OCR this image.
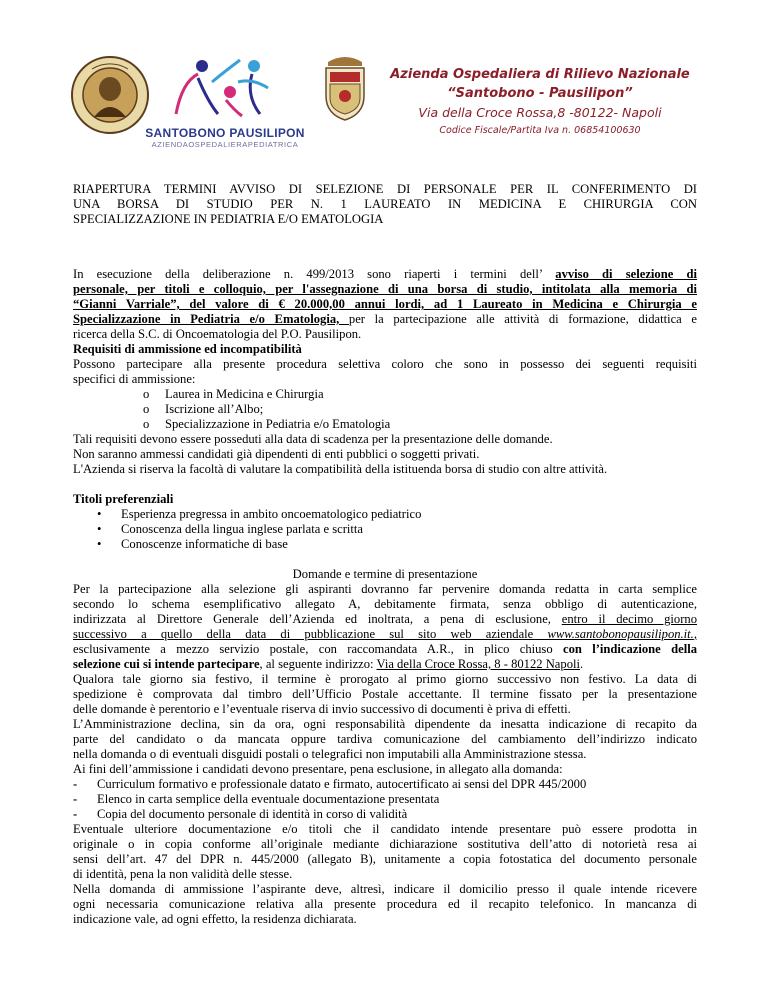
SANTOBONO PAUSILIPON
AZIENDAOSPEDALIERAPEDIATRICA
Azienda Ospedaliera di Rilievo Nazionale
“Santobono - Pausilipon”
Via della Croce Rossa,8 -80122- Napoli
Codice Fiscale/Partita Iva n. 06854100630
RIAPERTURA TERMINI AVVISO DI SELEZIONE DI PERSONALE PER IL CONFERIMENTO DI
UNA BORSA DI STUDIO PER N. 1 LAUREATO IN MEDICINA E CHIRURGIA CON
SPECIALIZZAZIONE IN PEDIATRIA E/O EMATOLOGIA
In esecuzione della deliberazione n. 499/2013 sono riaperti i termini dell’ avviso di selezione di
personale, per titoli e colloquio, per l'assegnazione di una borsa di studio, intitolata alla memoria di
“Gianni Varriale”, del valore di € 20.000,00 annui lordi, ad 1 Laureato in Medicina e Chirurgia e
Specializzazione in Pediatria e/o Ematologia, per la partecipazione alle attività di formazione, didattica e
ricerca della S.C. di Oncoematologia del P.O. Pausilipon.
Requisiti di ammissione ed incompatibilità
Possono partecipare alla presente procedura selettiva coloro che sono in possesso dei seguenti requisiti
specifici di ammissione:
o Laurea in Medicina e Chirurgia
o Iscrizione all’Albo;
o Specializzazione in Pediatria e/o Ematologia
Tali requisiti devono essere posseduti alla data di scadenza per la presentazione delle domande.
Non saranno ammessi candidati già dipendenti di enti pubblici o soggetti privati.
L'Azienda si riserva la facoltà di valutare la compatibilità della istituenda borsa di studio con altre attività.
Titoli preferenziali
• Esperienza pregressa in ambito oncoematologico pediatrico
• Conoscenza della lingua inglese parlata e scritta
• Conoscenze informatiche di base
Domande e termine di presentazione
Per la partecipazione alla selezione gli aspiranti dovranno far pervenire domanda redatta in carta semplice
secondo lo schema esemplificativo allegato A, debitamente firmata, senza obbligo di autenticazione,
indirizzata al Direttore Generale dell’Azienda ed inoltrata, a pena di esclusione, entro il decimo giorno
successivo a quello della data di pubblicazione sul sito web aziendale www.santobonopausilipon.it.,
esclusivamente a mezzo servizio postale, con raccomandata A.R., in plico chiuso con l’indicazione della
selezione cui si intende partecipare, al seguente indirizzo: Via della Croce Rossa, 8 - 80122 Napoli.
Qualora tale giorno sia festivo, il termine è prorogato al primo giorno successivo non festivo. La data di
spedizione è comprovata dal timbro dell’Ufficio Postale accettante. Il termine fissato per la presentazione
delle domande è perentorio e l’eventuale riserva di invio successivo di documenti è priva di effetti.
L’Amministrazione declina, sin da ora, ogni responsabilità dipendente da inesatta indicazione di recapito da
parte del candidato o da mancata oppure tardiva comunicazione del cambiamento dell’indirizzo indicato
nella domanda o di eventuali disguidi postali o telegrafici non imputabili alla Amministrazione stessa.
Ai fini dell’ammissione i candidati devono presentare, pena esclusione, in allegato alla domanda:
- Curriculum formativo e professionale datato e firmato, autocertificato ai sensi del DPR 445/2000
- Elenco in carta semplice della eventuale documentazione presentata
- Copia del documento personale di identità in corso di validità
Eventuale ulteriore documentazione e/o titoli che il candidato intende presentare può essere prodotta in
originale o in copia conforme all’originale mediante dichiarazione sostitutiva dell’atto di notorietà resa ai
sensi dell’art. 47 del DPR n. 445/2000 (allegato B), unitamente a copia fotostatica del documento personale
di identità, pena la non validità delle stesse.
Nella domanda di ammissione l’aspirante deve, altresì, indicare il domicilio presso il quale intende ricevere
ogni necessaria comunicazione relativa alla presente procedura ed il recapito telefonico. In mancanza di
indicazione vale, ad ogni effetto, la residenza dichiarata.
